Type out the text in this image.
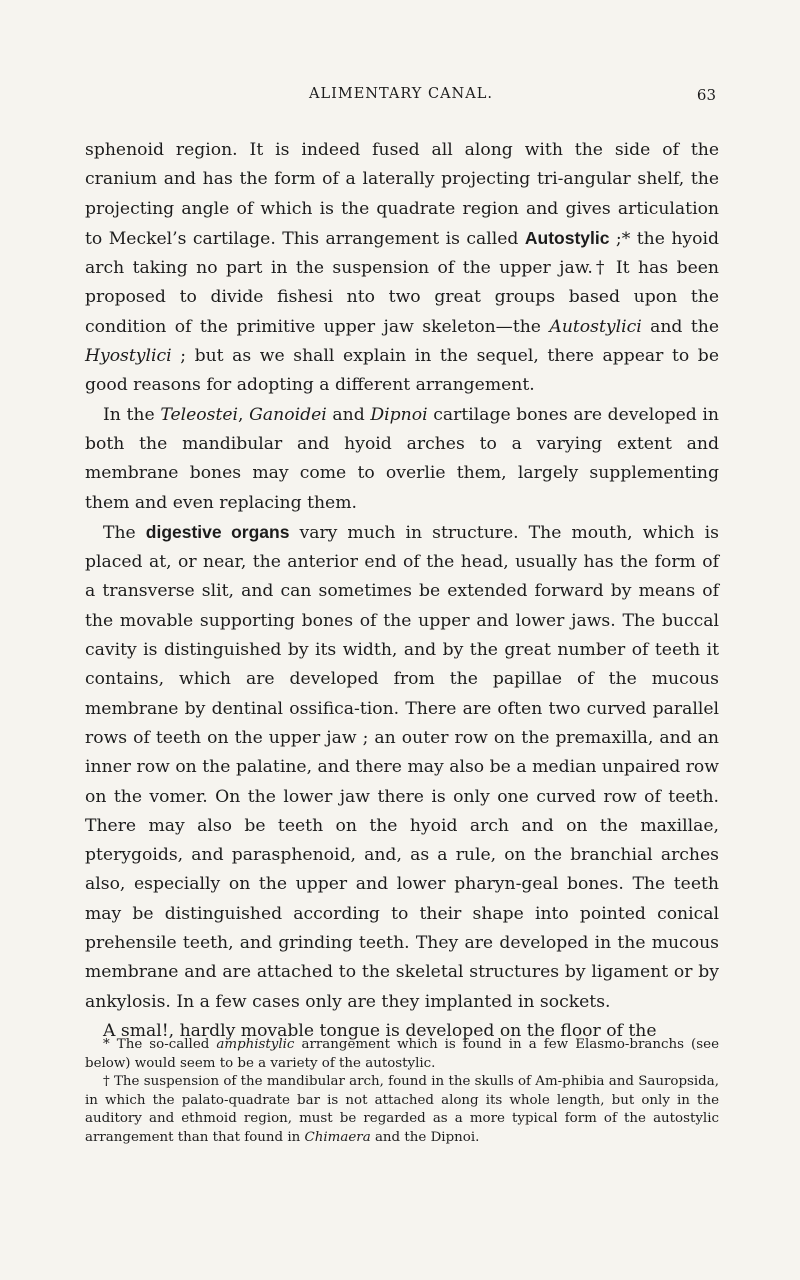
ALIMENTARY CANAL.	63

sphenoid region. It is indeed fused all along with the side of the cranium and has the form of a laterally projecting tri-angular shelf, the projecting angle of which is the quadrate region and gives articulation to Meckel’s cartilage. This arrangement is called Autostylic ;* the hyoid arch taking no part in the suspension of the upper jaw.† It has been proposed to divide fishesi nto two great groups based upon the condition of the primitive upper jaw skeleton—the Autostylici and the Hyostylici ; but as we shall explain in the sequel, there appear to be good reasons for adopting a different arrangement.

In the Teleostei, Ganoidei and Dipnoi cartilage bones are developed in both the mandibular and hyoid arches to a varying extent and membrane bones may come to overlie them, largely supplementing them and even replacing them.

The digestive organs vary much in structure. The mouth, which is placed at, or near, the anterior end of the head, usually has the form of a transverse slit, and can sometimes be extended forward by means of the movable supporting bones of the upper and lower jaws. The buccal cavity is distinguished by its width, and by the great number of teeth it contains, which are developed from the papillae of the mucous membrane by dentinal ossifica-tion. There are often two curved parallel rows of teeth on the upper jaw ; an outer row on the premaxilla, and an inner row on the palatine, and there may also be a median unpaired row on the vomer. On the lower jaw there is only one curved row of teeth. There may also be teeth on the hyoid arch and on the maxillae, pterygoids, and parasphenoid, and, as a rule, on the branchial arches also, especially on the upper and lower pharyn-geal bones. The teeth may be distinguished according to their shape into pointed conical prehensile teeth, and grinding teeth. They are developed in the mucous membrane and are attached to the skeletal structures by ligament or by ankylosis. In a few cases only are they implanted in sockets.

A smal!, hardly movable tongue is developed on the floor of the

* The so-called amphistylic arrangement which is found in a few Elasmo-branchs (see below) would seem to be a variety of the autostylic.

† The suspension of the mandibular arch, found in the skulls of Am-phibia and Sauropsida, in which the palato-quadrate bar is not attached along its whole length, but only in the auditory and ethmoid region, must be regarded as a more typical form of the autostylic arrangement than that found in Chimaera and the Dipnoi.
